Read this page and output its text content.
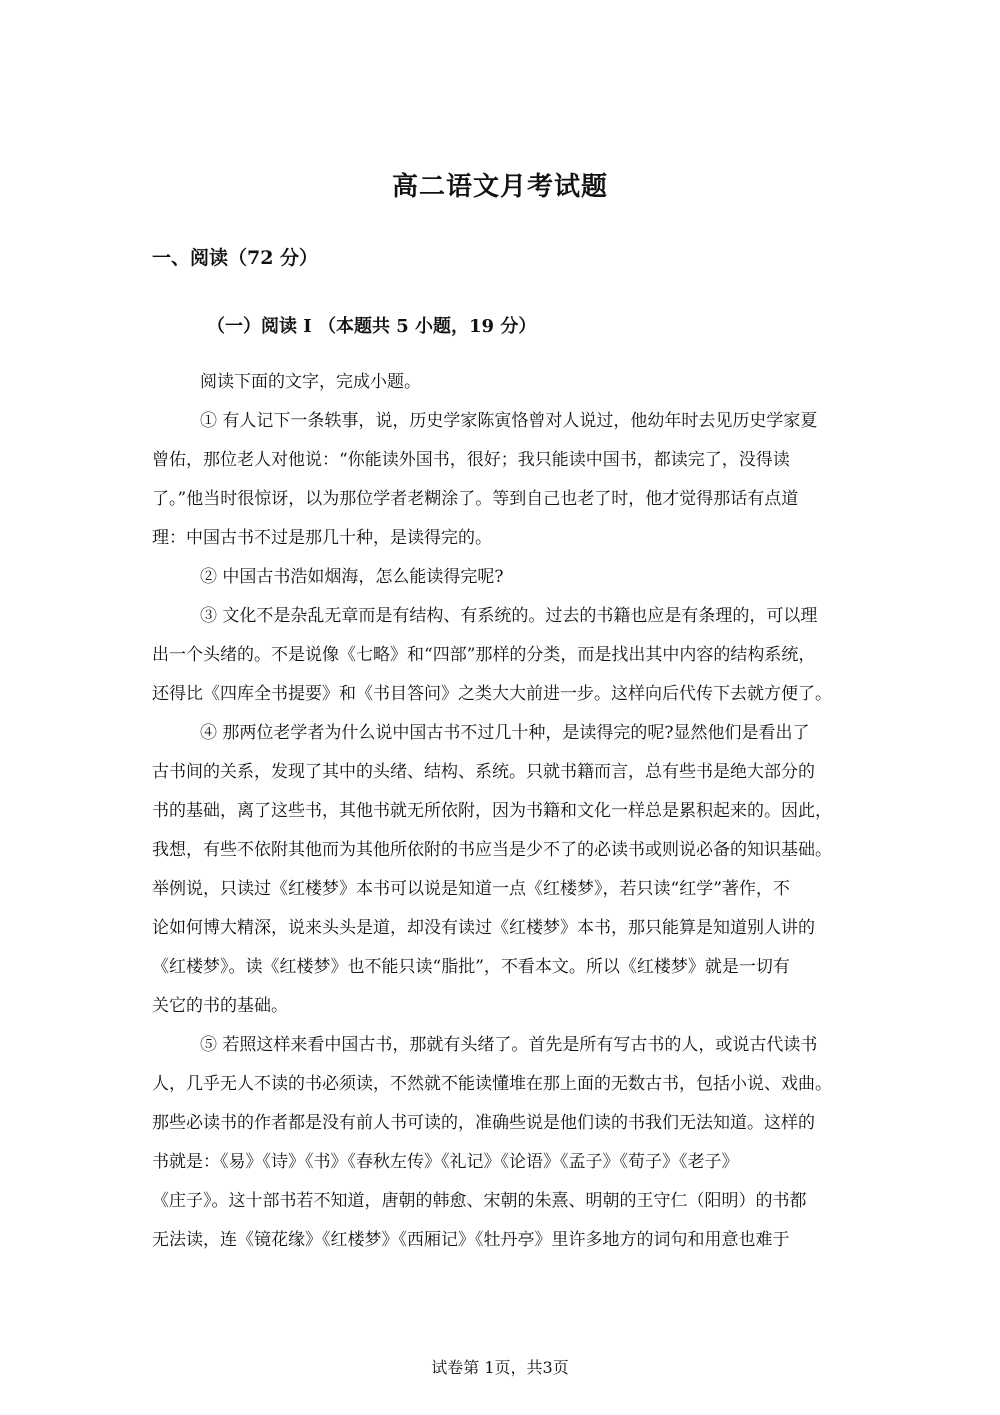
高二语文月考试题
一、阅读（72 分）
（一）阅读 I （本题共 5 小题，19 分）

阅读下面的文字，完成小题。

① 有人记下一条轶事，说，历史学家陈寅恪曾对人说过，他幼年时去见历史学家夏
曾佑，那位老人对他说：“你能读外国书，很好；我只能读中国书，都读完了，没得读
了。”他当时很惊讶，以为那位学者老糊涂了。等到自己也老了时，他才觉得那话有点道
理：中国古书不过是那几十种，是读得完的。

② 中国古书浩如烟海，怎么能读得完呢?

③ 文化不是杂乱无章而是有结构、有系统的。过去的书籍也应是有条理的，可以理
出一个头绪的。不是说像《七略》和“四部”那样的分类，而是找出其中内容的结构系统，
还得比《四库全书提要》和《书目答问》之类大大前进一步。这样向后代传下去就方便了。

④ 那两位老学者为什么说中国古书不过几十种，是读得完的呢?显然他们是看出了
古书间的关系，发现了其中的头绪、结构、系统。只就书籍而言，总有些书是绝大部分的
书的基础，离了这些书，其他书就无所依附，因为书籍和文化一样总是累积起来的。因此，
我想，有些不依附其他而为其他所依附的书应当是少不了的必读书或则说必备的知识基础。
举例说，只读过《红楼梦》本书可以说是知道一点《红楼梦》，若只读“红学”著作，不
论如何博大精深，说来头头是道，却没有读过《红楼梦》本书，那只能算是知道别人讲的
《红楼梦》。读《红楼梦》也不能只读“脂批”，不看本文。所以《红楼梦》就是一切有
关它的书的基础。

⑤ 若照这样来看中国古书，那就有头绪了。首先是所有写古书的人，或说古代读书
人，几乎无人不读的书必须读，不然就不能读懂堆在那上面的无数古书，包括小说、戏曲。
那些必读书的作者都是没有前人书可读的，准确些说是他们读的书我们无法知道。这样的
书就是：《易》《诗》《书》《春秋左传》《礼记》《论语》《孟子》《荀子》《老子》
《庄子》。这十部书若不知道，唐朝的韩愈、宋朝的朱熹、明朝的王守仁（阳明）的书都
无法读，连《镜花缘》《红楼梦》《西厢记》《牡丹亭》里许多地方的词句和用意也难于

试卷第 1页，共3页
